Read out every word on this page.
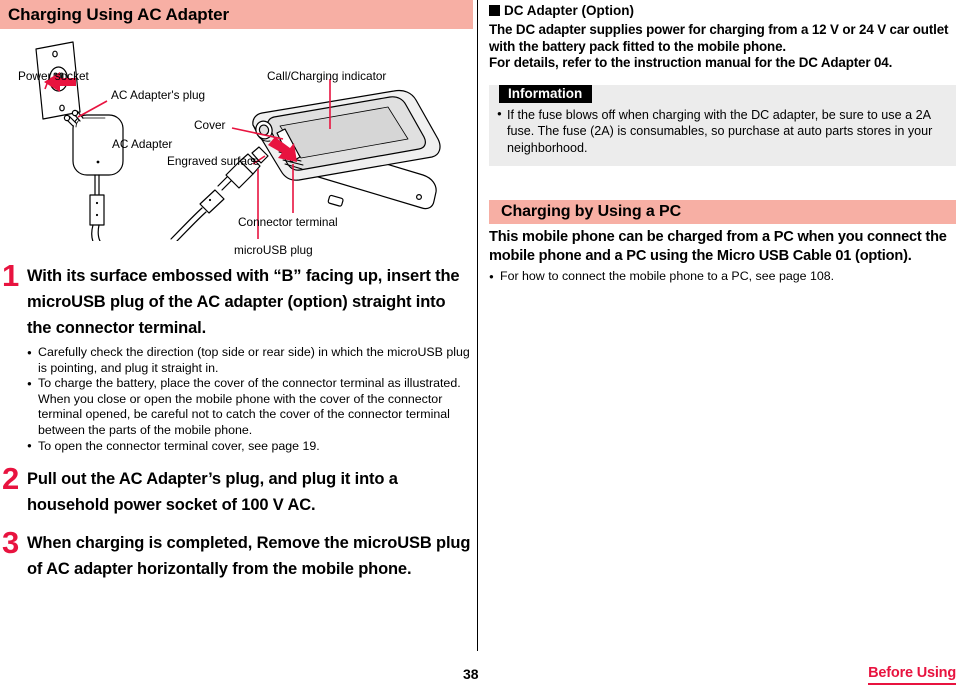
Charging Using AC Adapter
Power socket
AC Adapter's plug
Cover
AC Adapter
Engraved surface
Call/Charging indicator
Connector terminal
microUSB plug
1 With its surface embossed with “B” facing up, insert the microUSB plug of the AC adapter (option) straight into the connector terminal.
● Carefully check the direction (top side or rear side) in which the microUSB plug is pointing, and plug it straight in.
● To charge the battery, place the cover of the connector terminal as illustrated. When you close or open the mobile phone with the cover of the connector terminal opened, be careful not to catch the cover of the connector terminal between the parts of the mobile phone.
● To open the connector terminal cover, see page 19.
2 Pull out the AC Adapter’s plug, and plug it into a household power socket of 100 V AC.
3 When charging is completed, Remove the microUSB plug of AC adapter horizontally from the mobile phone.
DC Adapter (Option)
The DC adapter supplies power for charging from a 12 V or 24 V car outlet with the battery pack fitted to the mobile phone.
For details, refer to the instruction manual for the DC Adapter 04.
Information
● If the fuse blows off when charging with the DC adapter, be sure to use a 2A fuse. The fuse (2A) is consumables, so purchase at auto parts stores in your neighborhood.
Charging by Using a PC
This mobile phone can be charged from a PC when you connect the mobile phone and a PC using the Micro USB Cable 01 (option).
● For how to connect the mobile phone to a PC, see page 108.
38	Before Using
